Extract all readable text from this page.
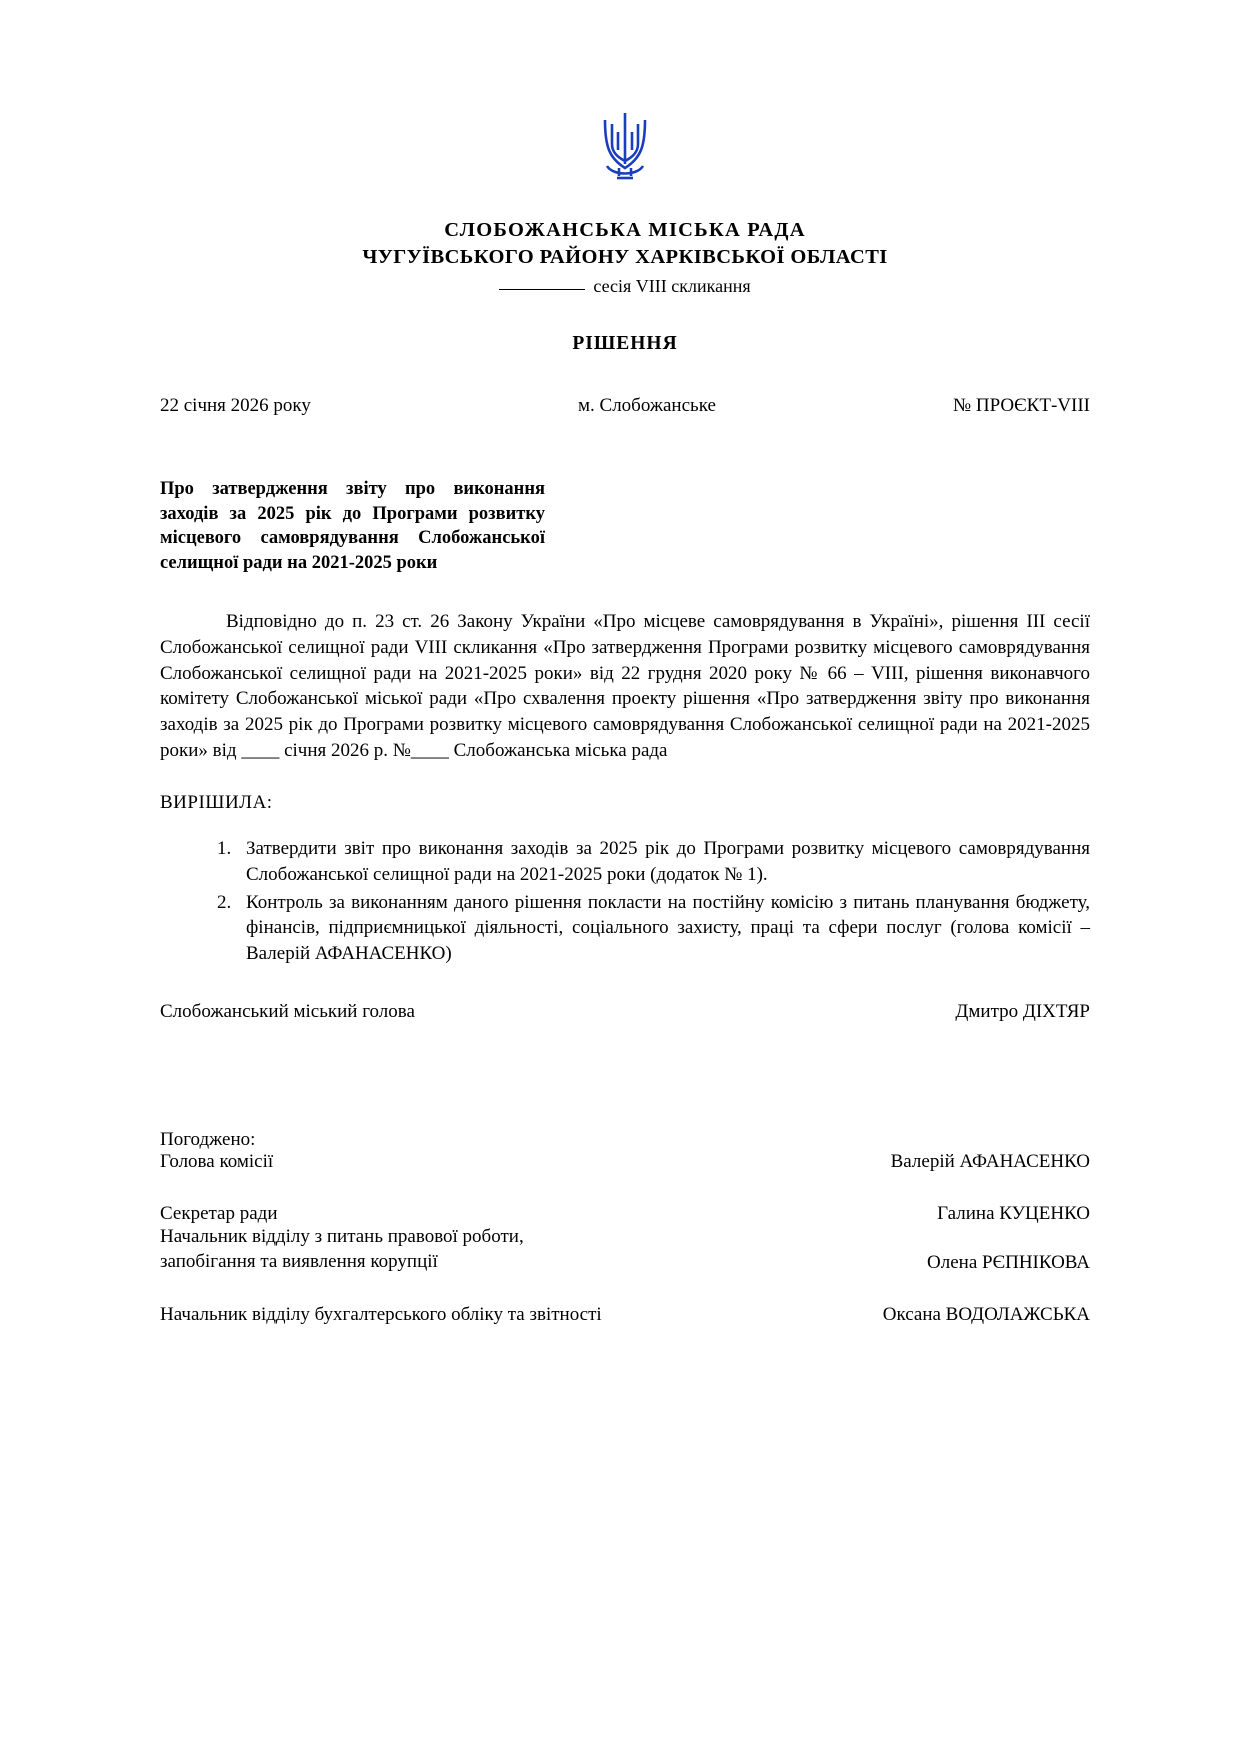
СЛОБОЖАНСЬКА МІСЬКА РАДА
ЧУГУЇВСЬКОГО РАЙОНУ ХАРКІВСЬКОЇ ОБЛАСТІ
сесія VIII скликання
РІШЕННЯ
22 січня 2026 року	м. Слобожанське	№ ПРОЄКТ-VIII
Про затвердження звіту про виконання заходів за 2025 рік до Програми розвитку місцевого самоврядування Слобожанської селищної ради на 2021-2025 роки
Відповідно до п. 23 ст. 26 Закону України «Про місцеве самоврядування в Україні», рішення III сесії Слобожанської селищної ради VIII скликання «Про затвердження Програми розвитку місцевого самоврядування Слобожанської селищної ради на 2021-2025 роки» від 22 грудня 2020 року № 66 – VIII, рішення виконавчого комітету Слобожанської міської ради «Про схвалення проекту рішення «Про затвердження звіту про виконання заходів за 2025 рік до Програми розвитку місцевого самоврядування Слобожанської селищної ради на 2021-2025 роки» від ____ січня 2026 р. №____ Слобожанська міська рада
ВИРІШИЛА:
1. Затвердити звіт про виконання заходів за 2025 рік до Програми розвитку місцевого самоврядування Слобожанської селищної ради на 2021-2025 роки (додаток № 1).
2. Контроль за виконанням даного рішення покласти на постійну комісію з питань планування бюджету, фінансів, підприємницької діяльності, соціального захисту, праці та сфери послуг (голова комісії – Валерій АФАНАСЕНКО)
Слобожанський міський голова	Дмитро ДІХТЯР
Погоджено:
Голова комісії	Валерій АФАНАСЕНКО
Секретар ради	Галина КУЦЕНКО
Начальник відділу з питань правової роботи,
запобігання та виявлення корупції	Олена РЄПНІКОВА
Начальник відділу бухгалтерського обліку та звітності	Оксана ВОДОЛАЖСЬКА
